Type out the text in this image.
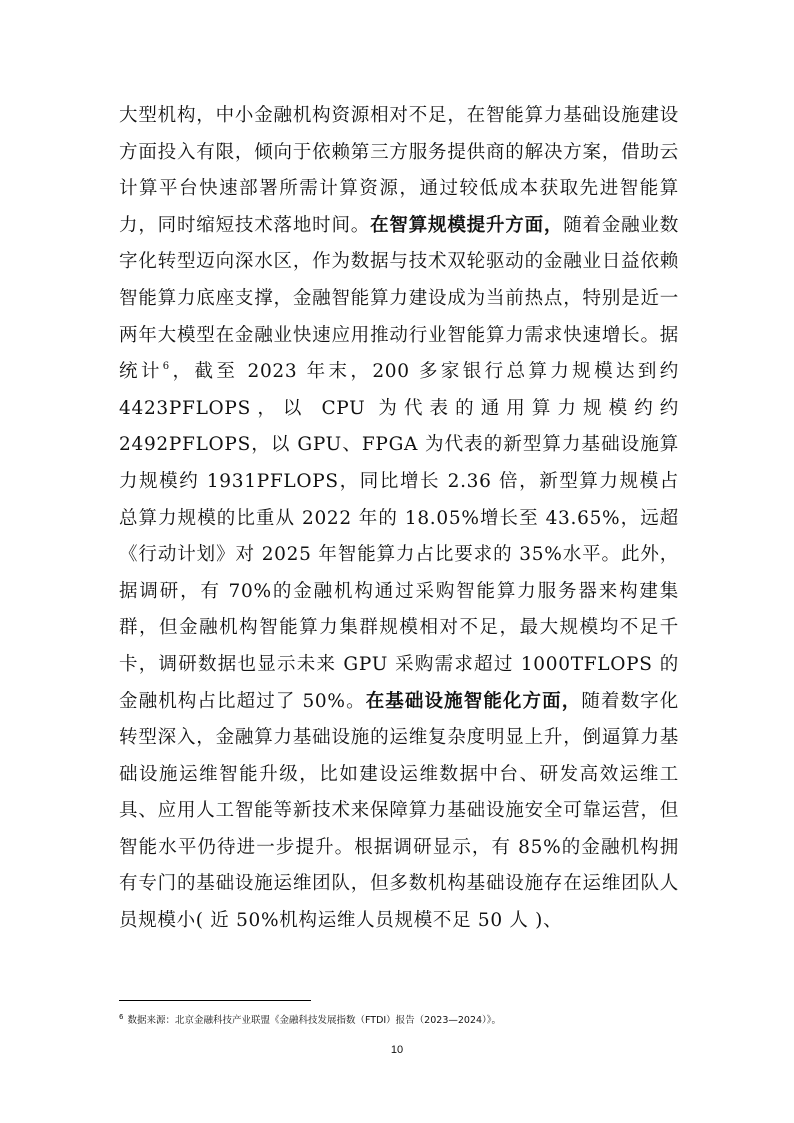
大型机构，中小金融机构资源相对不足，在智能算力基础设施建设方面投入有限，倾向于依赖第三方服务提供商的解决方案，借助云计算平台快速部署所需计算资源，通过较低成本获取先进智能算力，同时缩短技术落地时间。在智算规模提升方面，随着金融业数字化转型迈向深水区，作为数据与技术双轮驱动的金融业日益依赖智能算力底座支撑，金融智能算力建设成为当前热点，特别是近一两年大模型在金融业快速应用推动行业智能算力需求快速增长。据统计$^6$，截至 2023 年末，200 多家银行总算力规模达到约 4423PFLOPS，以 CPU 为代表的通用算力规模约约 2492PFLOPS，以 GPU、FPGA 为代表的新型算力基础设施算力规模约 1931PFLOPS，同比增长 2.36 倍，新型算力规模占总算力规模的比重从 2022 年的 18.05%增长至 43.65%，远超《行动计划》对 2025 年智能算力占比要求的 35%水平。此外，据调研，有 70%的金融机构通过采购智能算力服务器来构建集群，但金融机构智能算力集群规模相对不足，最大规模均不足千卡，调研数据也显示未来 GPU 采购需求超过 1000TFLOPS 的金融机构占比超过了 50%。在基础设施智能化方面，随着数字化转型深入，金融算力基础设施的运维复杂度明显上升，倒逼算力基础设施运维智能升级，比如建设运维数据中台、研发高效运维工具、应用人工智能等新技术来保障算力基础设施安全可靠运营，但智能水平仍待进一步提升。根据调研显示，有 85%的金融机构拥有专门的基础设施运维团队，但多数机构基础设施存在运维团队人员规模小( 近 50%机构运维人员规模不足 50 人 )、
$^6$ 数据来源：北京金融科技产业联盟《金融科技发展指数（FTDI）报告（2023—2024）》。
10
